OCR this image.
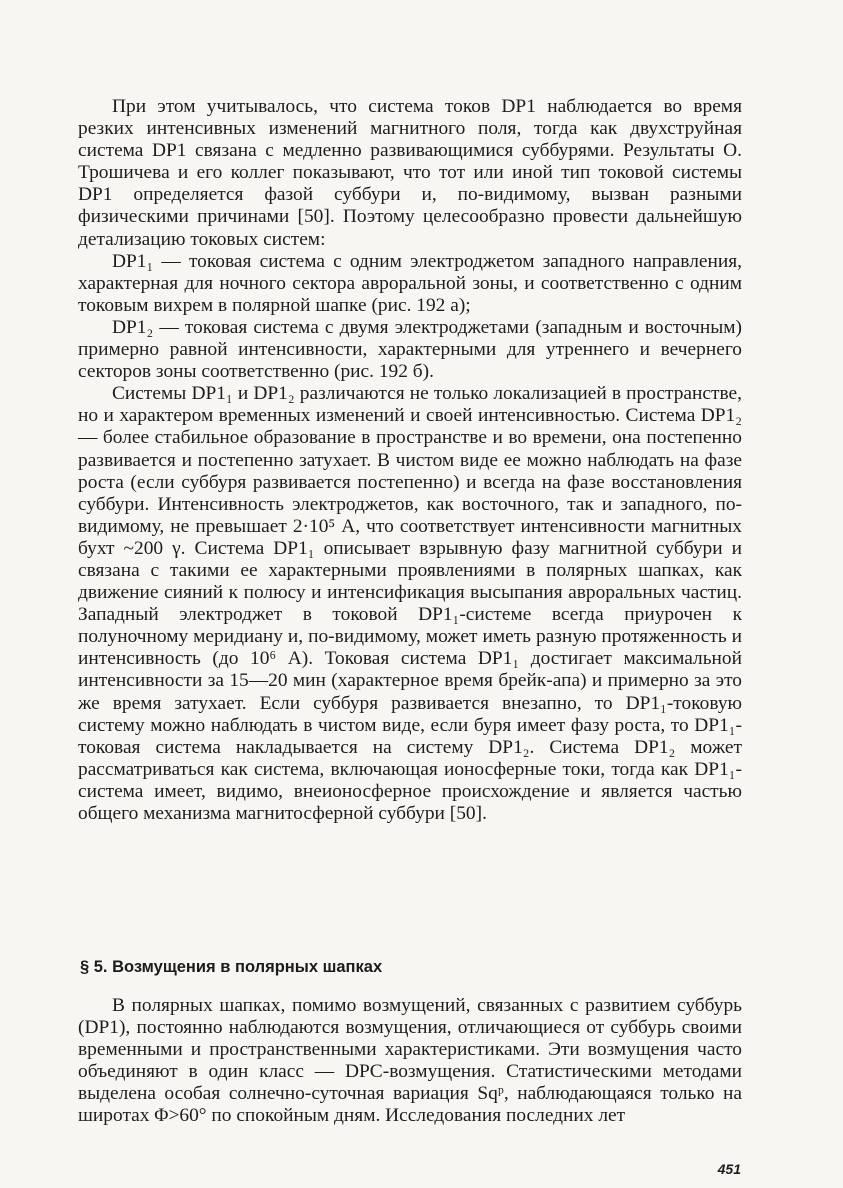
При этом учитывалось, что система токов DP1 наблюдается во время резких интенсивных изменений магнитного поля, тогда как двухструйная система DP1 связана с медленно развивающимися суббурями. Результаты О. Трошичева и его коллег показывают, что тот или иной тип токовой системы DP1 определяется фазой суббури и, по-видимому, вызван разными физическими причинами [50]. Поэтому целесообразно провести дальнейшую детализацию токовых систем:

DP1₁ — токовая система с одним электроджетом западного направления, характерная для ночного сектора авроральной зоны, и соответственно с одним токовым вихрем в полярной шапке (рис. 192 а);

DP1₂ — токовая система с двумя электроджетами (западным и восточным) примерно равной интенсивности, характерными для утреннего и вечернего секторов зоны соответственно (рис. 192 б).

Системы DP1₁ и DP1₂ различаются не только локализацией в пространстве, но и характером временных изменений и своей интенсивностью. Система DP1₂ — более стабильное образование в пространстве и во времени, она постепенно развивается и постепенно затухает. В чистом виде ее можно наблюдать на фазе роста (если суббуря развивается постепенно) и всегда на фазе восстановления суббури. Интенсивность электроджетов, как восточного, так и западного, по-видимому, не превышает 2·10⁵ А, что соответствует интенсивности магнитных бухт ~200 γ. Система DP1₁ описывает взрывную фазу магнитной суббури и связана с такими ее характерными проявлениями в полярных шапках, как движение сияний к полюсу и интенсификация высыпания авроральных частиц. Западный электроджет в токовой DP1₁-системе всегда приурочен к полуночному меридиану и, по-видимому, может иметь разную протяженность и интенсивность (до 10⁶ А). Токовая система DP1₁ достигает максимальной интенсивности за 15—20 мин (характерное время брейк-апа) и примерно за это же время затухает. Если суббуря развивается внезапно, то DP1₁-токовую систему можно наблюдать в чистом виде, если буря имеет фазу роста, то DP1₁-токовая система накладывается на систему DP1₂. Система DP1₂ может рассматриваться как система, включающая ионосферные токи, тогда как DP1₁-система имеет, видимо, внеионосферное происхождение и является частью общего механизма магнитосферной суббури [50].

§ 5. Возмущения в полярных шапках

В полярных шапках, помимо возмущений, связанных с развитием суббурь (DP1), постоянно наблюдаются возмущения, отличающиеся от суббурь своими временными и пространственными характеристиками. Эти возмущения часто объединяют в один класс — DPC-возмущения. Статистическими методами выделена особая солнечно-суточная вариация Sqᵖ, наблюдающаяся только на широтах Φ>60° по спокойным дням. Исследования последних лет

451
